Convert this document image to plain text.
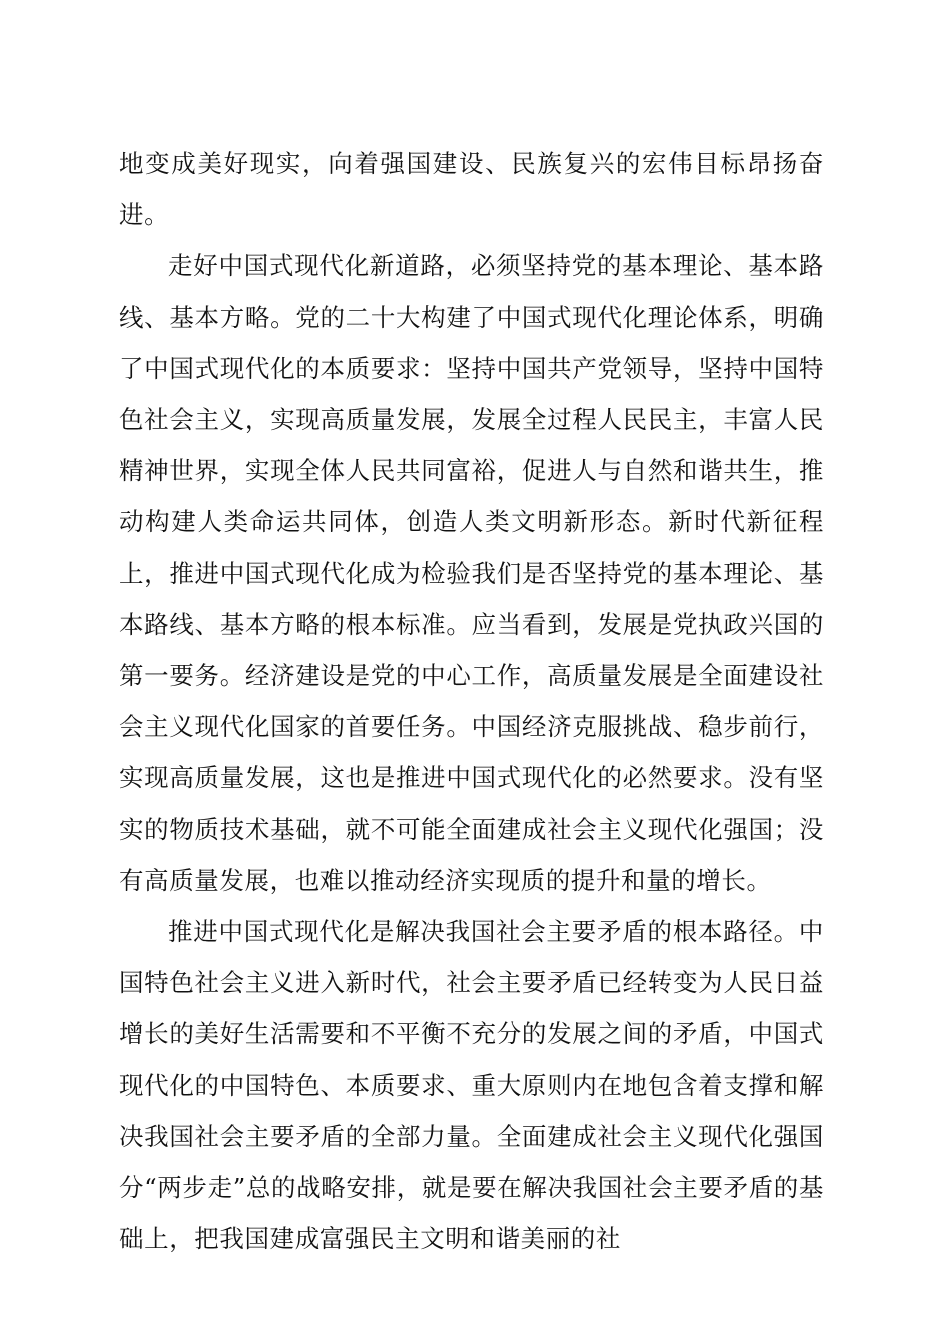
地变成美好现实，向着强国建设、民族复兴的宏伟目标昂扬奋进。

走好中国式现代化新道路，必须坚持党的基本理论、基本路线、基本方略。党的二十大构建了中国式现代化理论体系，明确了中国式现代化的本质要求：坚持中国共产党领导，坚持中国特色社会主义，实现高质量发展，发展全过程人民民主，丰富人民精神世界，实现全体人民共同富裕，促进人与自然和谐共生，推动构建人类命运共同体，创造人类文明新形态。新时代新征程上，推进中国式现代化成为检验我们是否坚持党的基本理论、基本路线、基本方略的根本标准。应当看到，发展是党执政兴国的第一要务。经济建设是党的中心工作，高质量发展是全面建设社会主义现代化国家的首要任务。中国经济克服挑战、稳步前行，实现高质量发展，这也是推进中国式现代化的必然要求。没有坚实的物质技术基础，就不可能全面建成社会主义现代化强国；没有高质量发展，也难以推动经济实现质的提升和量的增长。

推进中国式现代化是解决我国社会主要矛盾的根本路径。中国特色社会主义进入新时代，社会主要矛盾已经转变为人民日益增长的美好生活需要和不平衡不充分的发展之间的矛盾，中国式现代化的中国特色、本质要求、重大原则内在地包含着支撑和解决我国社会主要矛盾的全部力量。全面建成社会主义现代化强国分“两步走”总的战略安排，就是要在解决我国社会主要矛盾的基础上，把我国建成富强民主文明和谐美丽的社
